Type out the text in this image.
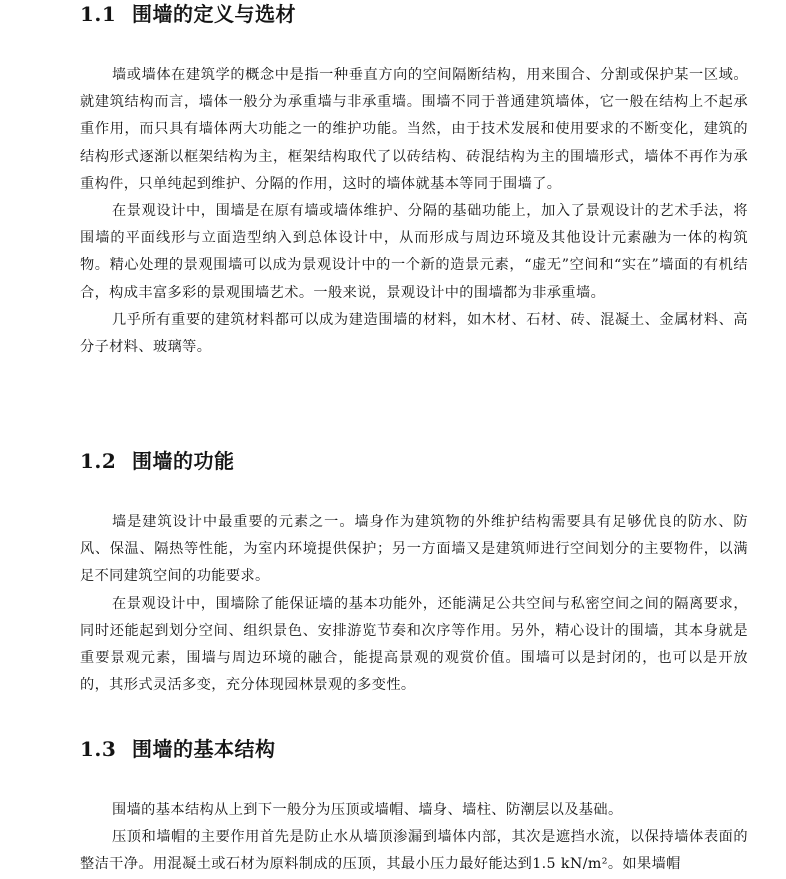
1.1 围墙的定义与选材

墙或墙体在建筑学的概念中是指一种垂直方向的空间隔断结构，用来围合、分割或保护某一区域。就建筑结构而言，墙体一般分为承重墙与非承重墙。围墙不同于普通建筑墙体，它一般在结构上不起承重作用，而只具有墙体两大功能之一的维护功能。当然，由于技术发展和使用要求的不断变化，建筑的结构形式逐渐以框架结构为主，框架结构取代了以砖结构、砖混结构为主的围墙形式，墙体不再作为承重构件，只单纯起到维护、分隔的作用，这时的墙体就基本等同于围墙了。

在景观设计中，围墙是在原有墙或墙体维护、分隔的基础功能上，加入了景观设计的艺术手法，将围墙的平面线形与立面造型纳入到总体设计中，从而形成与周边环境及其他设计元素融为一体的构筑物。精心处理的景观围墙可以成为景观设计中的一个新的造景元素，“虚无”空间和“实在”墙面的有机结合，构成丰富多彩的景观围墙艺术。一般来说，景观设计中的围墙都为非承重墙。

几乎所有重要的建筑材料都可以成为建造围墙的材料，如木材、石材、砖、混凝土、金属材料、高分子材料、玻璃等。

1.2 围墙的功能

墙是建筑设计中最重要的元素之一。墙身作为建筑物的外维护结构需要具有足够优良的防水、防风、保温、隔热等性能，为室内环境提供保护；另一方面墙又是建筑师进行空间划分的主要物件，以满足不同建筑空间的功能要求。

在景观设计中，围墙除了能保证墙的基本功能外，还能满足公共空间与私密空间之间的隔离要求，同时还能起到划分空间、组织景色、安排游览节奏和次序等作用。另外，精心设计的围墙，其本身就是重要景观元素，围墙与周边环境的融合，能提高景观的观赏价值。围墙可以是封闭的，也可以是开放的，其形式灵活多变，充分体现园林景观的多变性。

1.3 围墙的基本结构

围墙的基本结构从上到下一般分为压顶或墙帽、墙身、墙柱、防潮层以及基础。

压顶和墙帽的主要作用首先是防止水从墙顶渗漏到墙体内部，其次是遮挡水流，以保持墙体表面的整洁干净。用混凝土或石材为原料制成的压顶，其最小压力最好能达到1.5 kN/m²。如果墙帽
